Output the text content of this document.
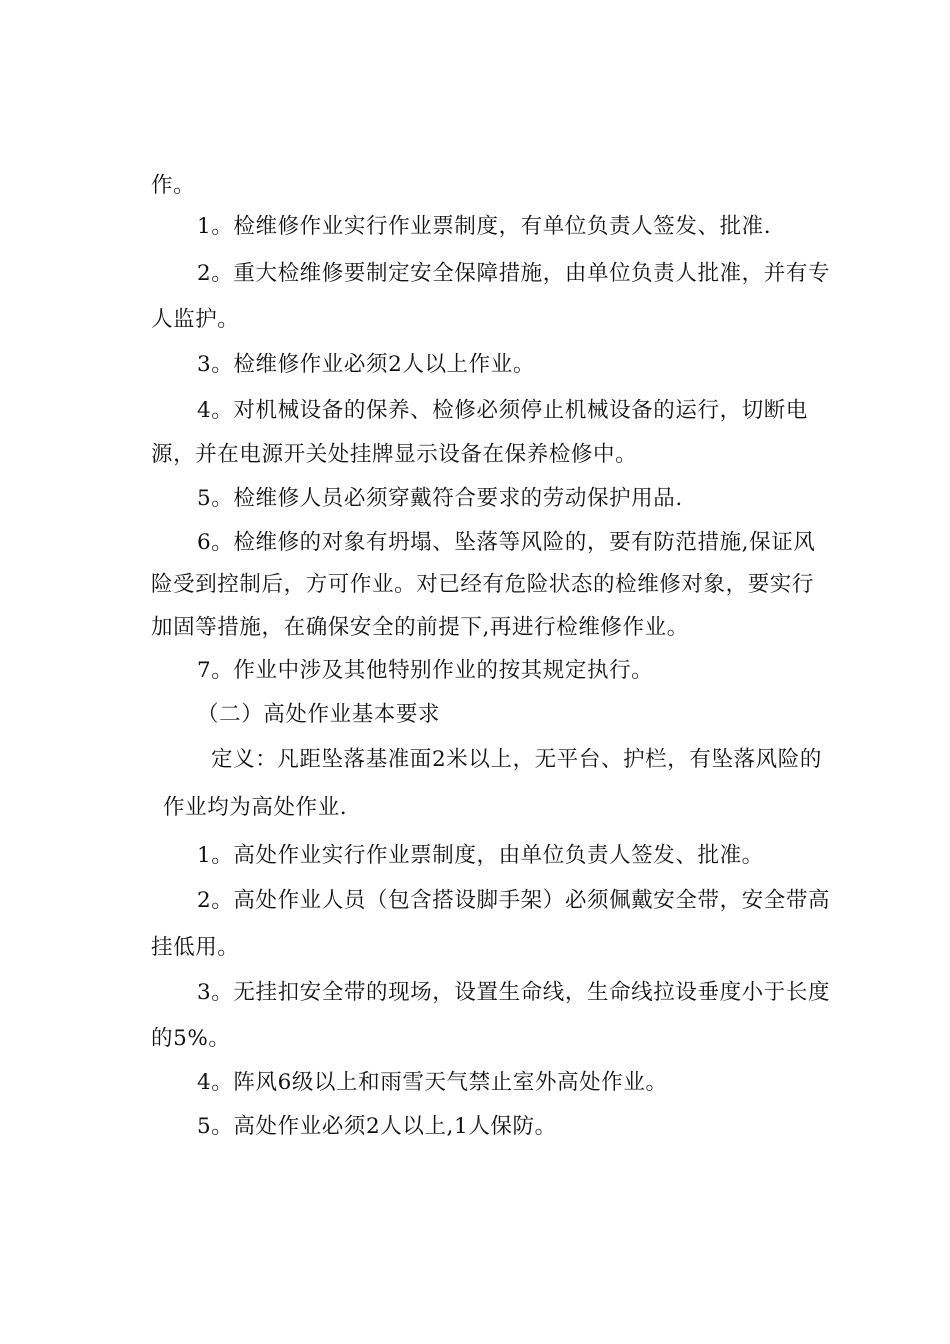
作。
1。检维修作业实行作业票制度，有单位负责人签发、批准.
2。重大检维修要制定安全保障措施，由单位负责人批准，并有专
人监护。
3。检维修作业必须2人以上作业。
4。对机械设备的保养、检修必须停止机械设备的运行，切断电
源，并在电源开关处挂牌显示设备在保养检修中。
5。检维修人员必须穿戴符合要求的劳动保护用品.
6。检维修的对象有坍塌、坠落等风险的，要有防范措施,保证风
险受到控制后，方可作业。对已经有危险状态的检维修对象，要实行
加固等措施，在确保安全的前提下,再进行检维修作业。
7。作业中涉及其他特别作业的按其规定执行。
（二）高处作业基本要求
定义：凡距坠落基准面2米以上，无平台、护栏，有坠落风险的
作业均为高处作业.
1。高处作业实行作业票制度，由单位负责人签发、批准。
2。高处作业人员（包含搭设脚手架）必须佩戴安全带，安全带高
挂低用。
3。无挂扣安全带的现场，设置生命线，生命线拉设垂度小于长度
的5%。
4。阵风6级以上和雨雪天气禁止室外高处作业。
5。高处作业必须2人以上,1人保防。
